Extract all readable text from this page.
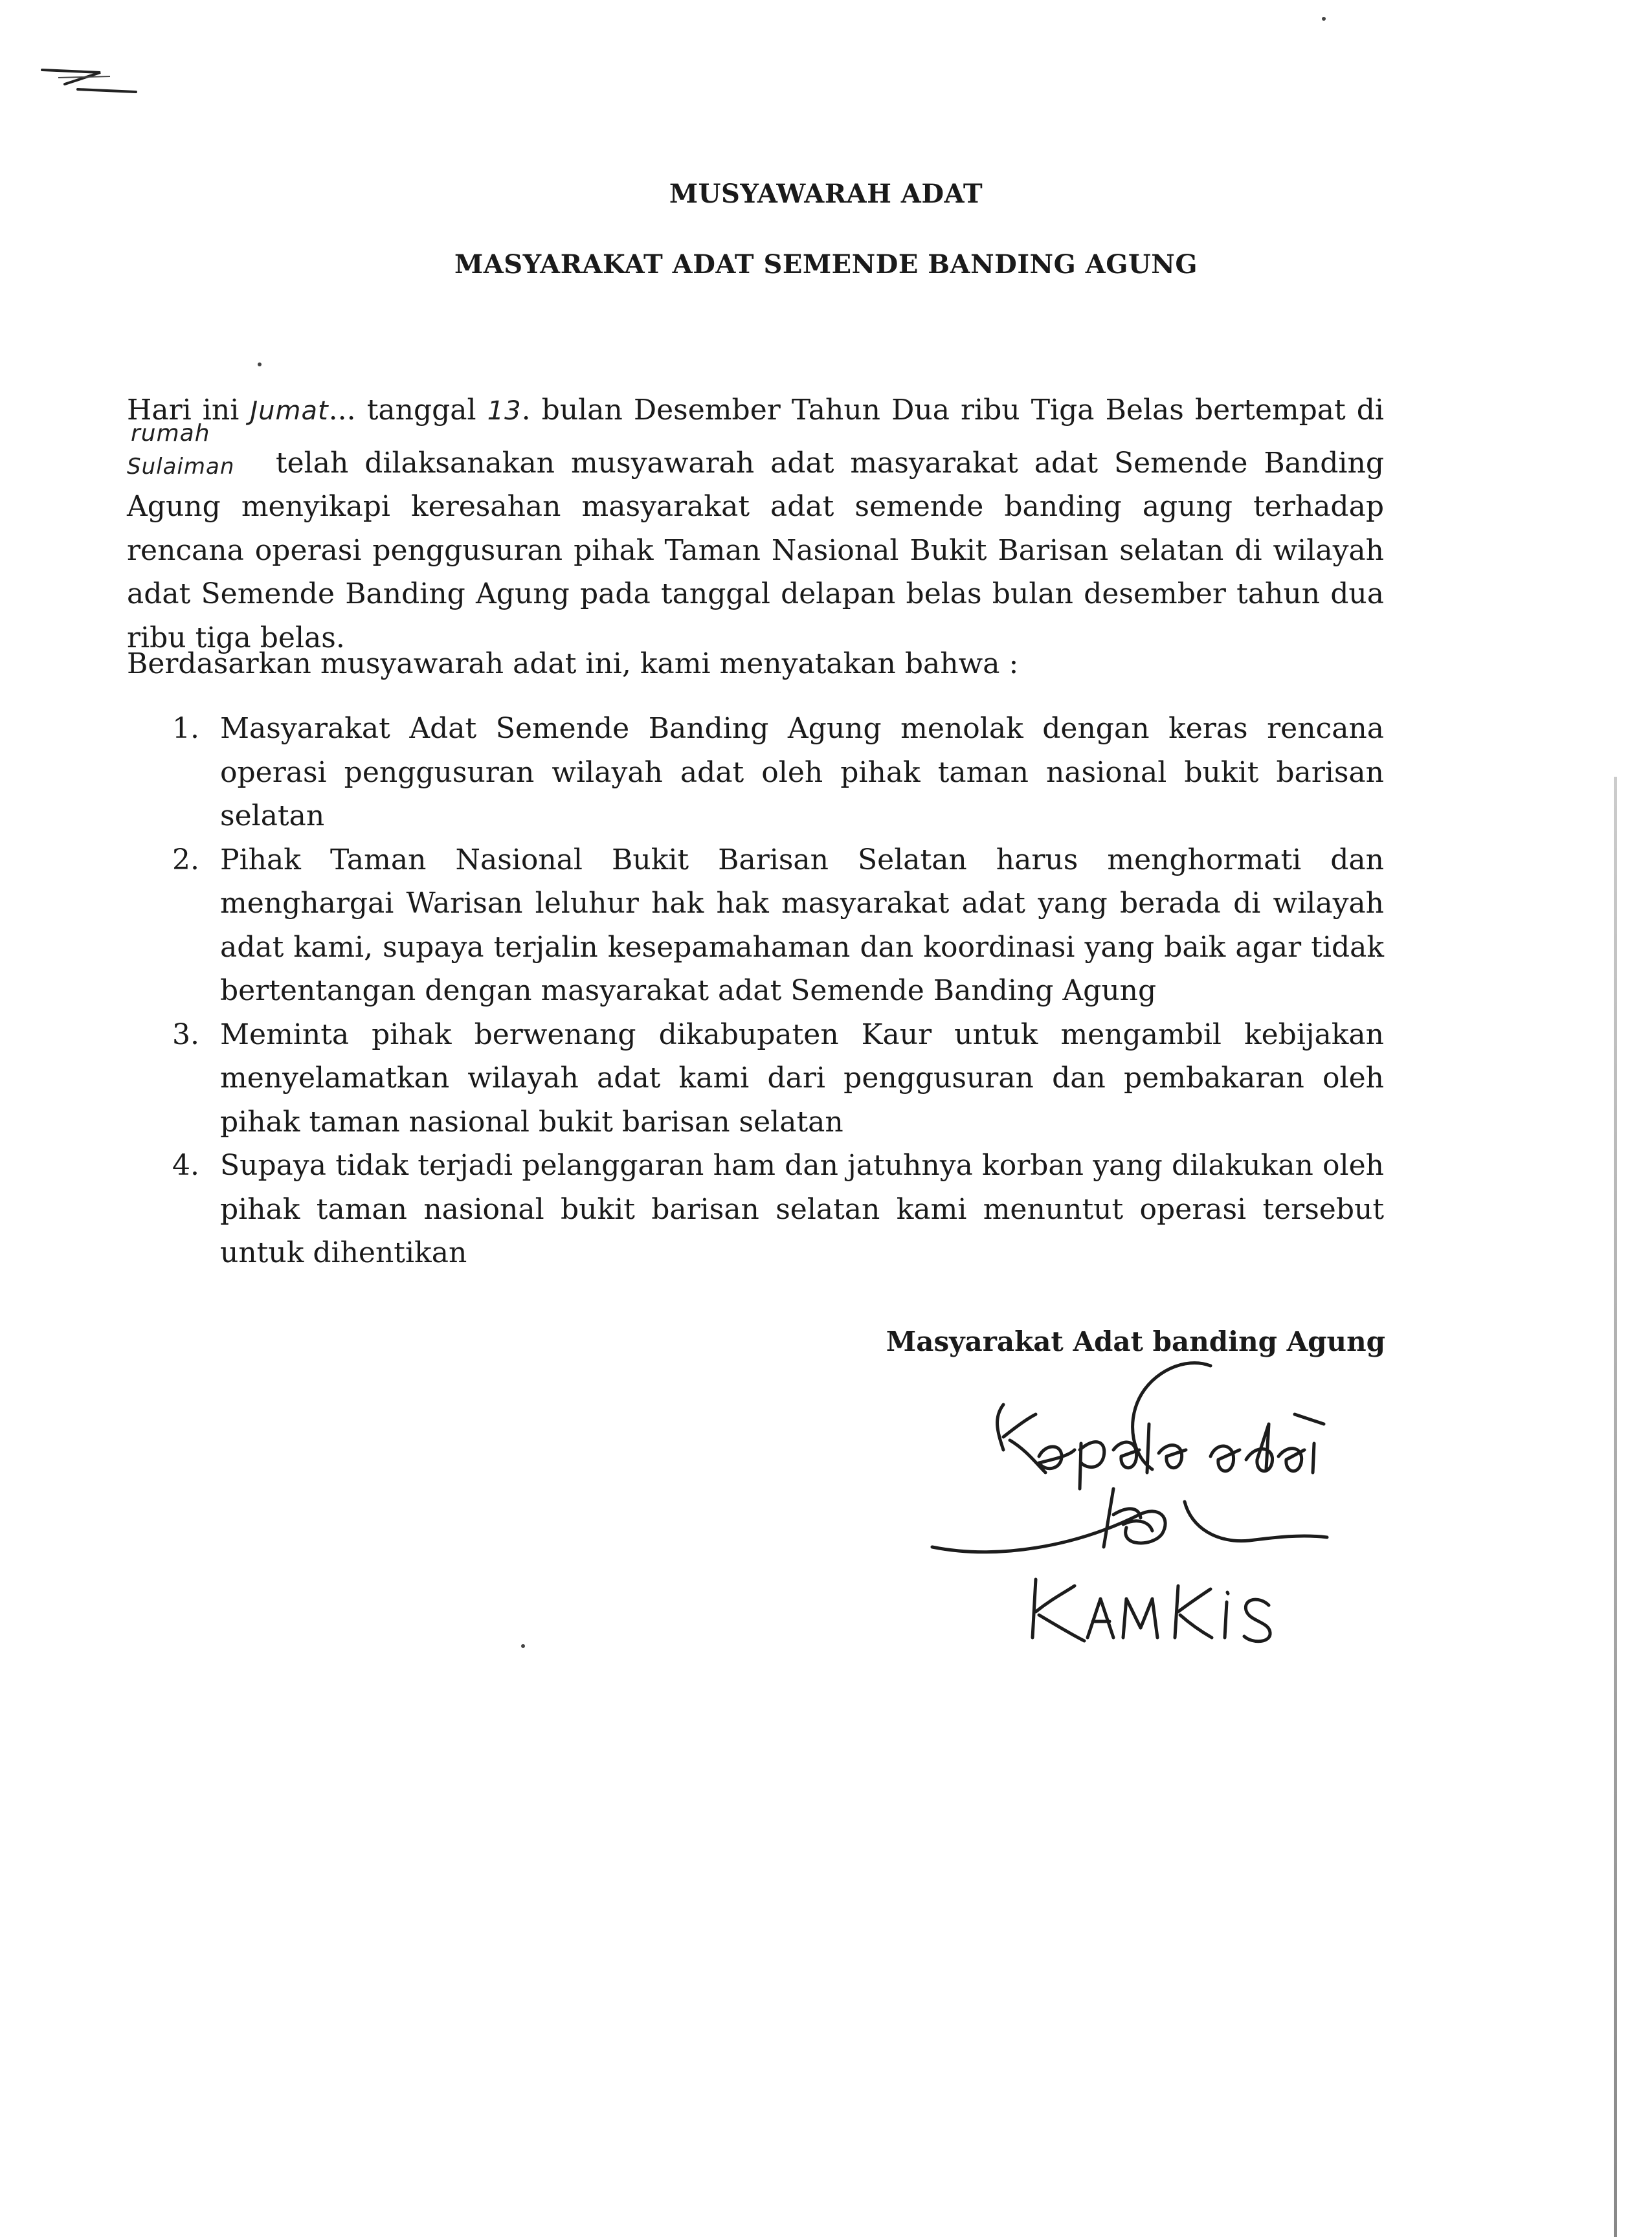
MUSYAWARAH ADAT
MASYARAKAT ADAT SEMENDE BANDING AGUNG
Hari ini Jumat... tanggal 13. bulan Desember Tahun Dua ribu Tiga Belas bertempat di
rumah
Sulaiman telah dilaksanakan musyawarah adat masyarakat adat Semende Banding Agung menyikapi keresahan masyarakat adat semende banding agung terhadap rencana operasi penggusuran pihak Taman Nasional Bukit Barisan selatan di wilayah adat Semende Banding Agung pada tanggal delapan belas bulan desember tahun dua ribu tiga belas.
Berdasarkan musyawarah adat ini, kami menyatakan bahwa :
1. Masyarakat Adat Semende Banding Agung menolak dengan keras rencana operasi penggusuran wilayah adat oleh pihak taman nasional bukit barisan selatan
2. Pihak Taman Nasional Bukit Barisan Selatan harus menghormati dan menghargai Warisan leluhur hak hak masyarakat adat yang berada di wilayah adat kami, supaya terjalin kesepamahaman dan koordinasi yang baik agar tidak bertentangan dengan masyarakat adat Semende Banding Agung
3. Meminta pihak berwenang dikabupaten Kaur untuk mengambil kebijakan menyelamatkan wilayah adat kami dari penggusuran dan pembakaran oleh pihak taman nasional bukit barisan selatan
4. Supaya tidak terjadi pelanggaran ham dan jatuhnya korban yang dilakukan oleh pihak taman nasional bukit barisan selatan kami menuntut operasi tersebut untuk dihentikan
Masyarakat Adat banding Agung
